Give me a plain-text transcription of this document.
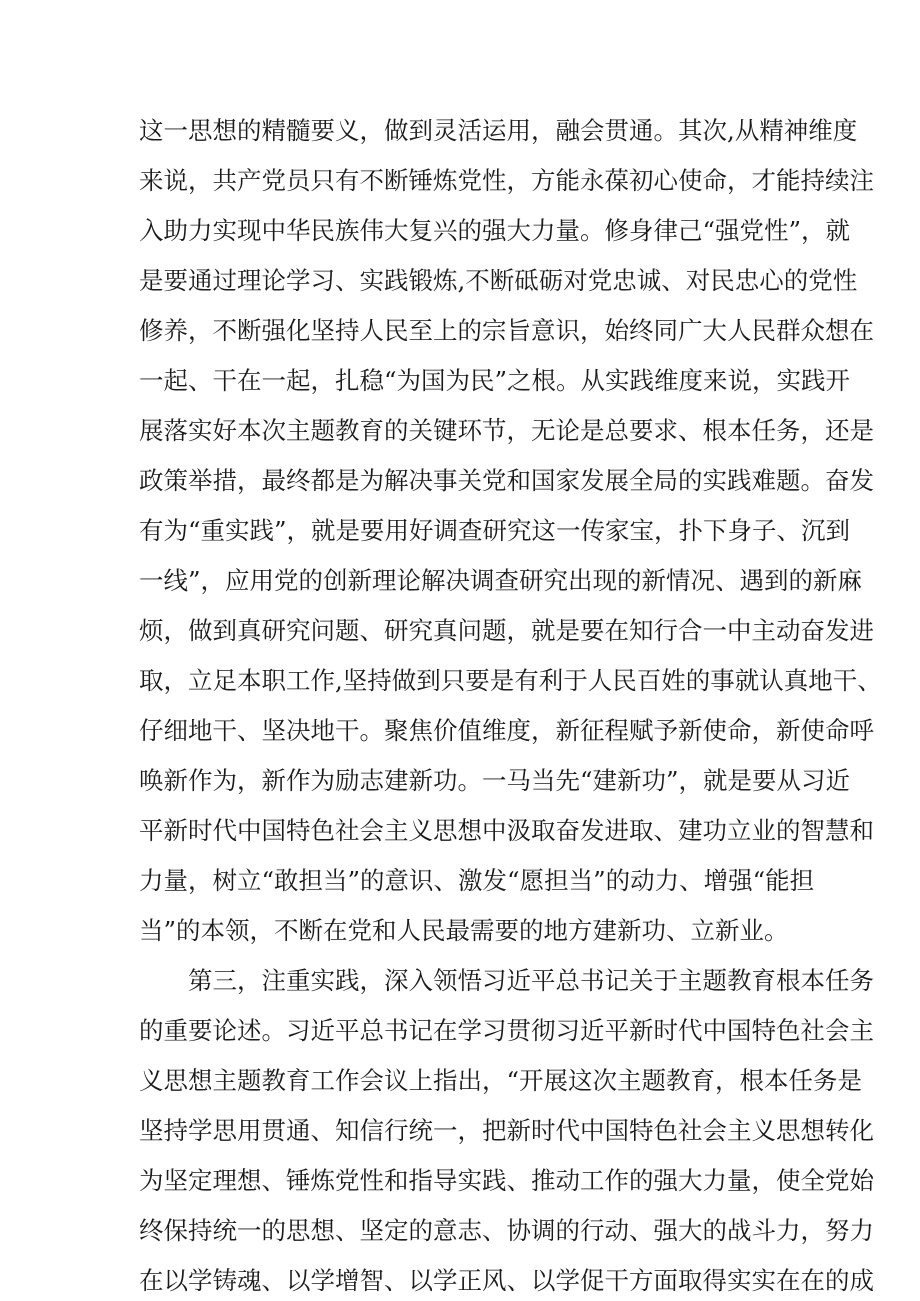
这一思想的精髓要义，做到灵活运用，融会贯通。其次,从精神维度
来说，共产党员只有不断锤炼党性，方能永葆初心使命，才能持续注
入助力实现中华民族伟大复兴的强大力量。修身律己“强党性”，就
是要通过理论学习、实践锻炼,不断砥砺对党忠诚、对民忠心的党性
修养，不断强化坚持人民至上的宗旨意识，始终同广大人民群众想在
一起、干在一起，扎稳“为国为民”之根。从实践维度来说，实践开
展落实好本次主题教育的关键环节，无论是总要求、根本任务，还是
政策举措，最终都是为解决事关党和国家发展全局的实践难题。奋发
有为“重实践”，就是要用好调查研究这一传家宝，扑下身子、沉到
一线”，应用党的创新理论解决调查研究出现的新情况、遇到的新麻
烦，做到真研究问题、研究真问题，就是要在知行合一中主动奋发进
取，立足本职工作,坚持做到只要是有利于人民百姓的事就认真地干、
仔细地干、坚决地干。聚焦价值维度，新征程赋予新使命，新使命呼
唤新作为，新作为励志建新功。一马当先“建新功”，就是要从习近
平新时代中国特色社会主义思想中汲取奋发进取、建功立业的智慧和
力量，树立“敢担当”的意识、激发“愿担当”的动力、增强“能担
当”的本领，不断在党和人民最需要的地方建新功、立新业。
第三，注重实践，深入领悟习近平总书记关于主题教育根本任务
的重要论述。习近平总书记在学习贯彻习近平新时代中国特色社会主
义思想主题教育工作会议上指出，“开展这次主题教育，根本任务是
坚持学思用贯通、知信行统一，把新时代中国特色社会主义思想转化
为坚定理想、锤炼党性和指导实践、推动工作的强大力量，使全党始
终保持统一的思想、坚定的意志、协调的行动、强大的战斗力，努力
在以学铸魂、以学增智、以学正风、以学促干方面取得实实在在的成
